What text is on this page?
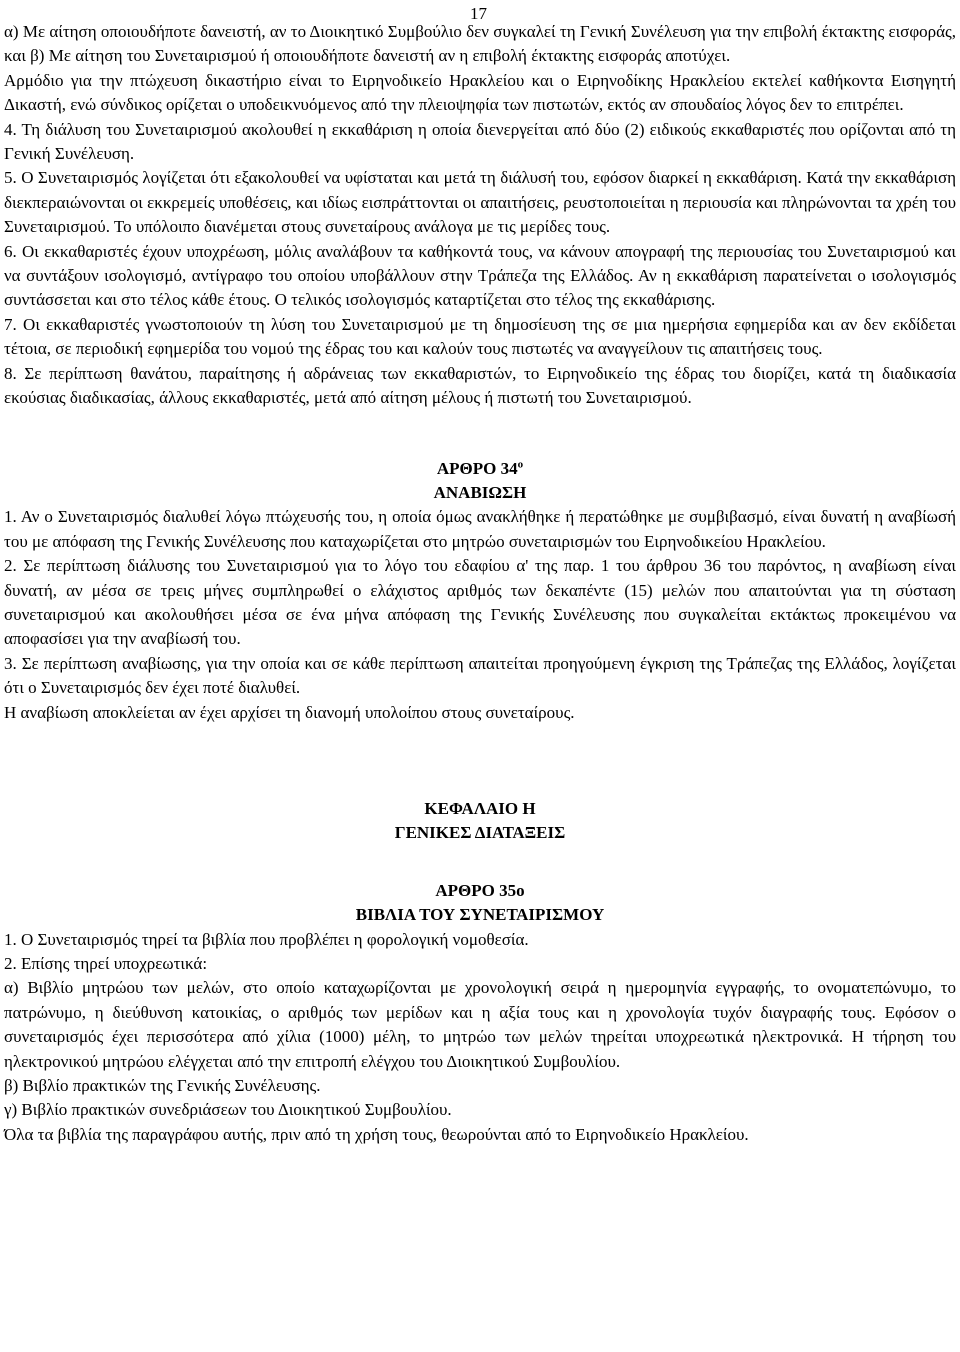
17

α) Με αίτηση οποιουδήποτε δανειστή, αν το Διοικητικό Συμβούλιο δεν συγκαλεί τη Γενική Συνέλευση για την επιβολή έκτακτης εισφοράς, και β) Με αίτηση του Συνεταιρισμού ή οποιουδήποτε δανειστή αν η επιβολή έκτακτης εισφοράς αποτύχει.

Αρμόδιο για την πτώχευση δικαστήριο είναι το Ειρηνοδικείο Ηρακλείου και ο Ειρηνοδίκης Ηρακλείου εκτελεί καθήκοντα Εισηγητή Δικαστή, ενώ σύνδικος ορίζεται ο υποδεικνυόμενος από την πλειοψηφία των πιστωτών, εκτός αν σπουδαίος λόγος δεν το επιτρέπει.

4. Τη διάλυση του Συνεταιρισμού ακολουθεί η εκκαθάριση η οποία διενεργείται από δύο (2) ειδικούς εκκαθαριστές που ορίζονται από τη Γενική Συνέλευση.

5. Ο Συνεταιρισμός λογίζεται ότι εξακολουθεί να υφίσταται και μετά τη διάλυσή του, εφόσον διαρκεί η εκκαθάριση. Κατά την εκκαθάριση διεκπεραιώνονται οι εκκρεμείς υποθέσεις, και ιδίως εισπράττονται οι απαιτήσεις, ρευστοποιείται η περιουσία και πληρώνονται τα χρέη του Συνεταιρισμού. Το υπόλοιπο διανέμεται στους συνεταίρους ανάλογα με τις μερίδες τους.

6. Οι εκκαθαριστές έχουν υποχρέωση, μόλις αναλάβουν τα καθήκοντά τους, να κάνουν απογραφή της περιουσίας του Συνεταιρισμού και να συντάξουν ισολογισμό, αντίγραφο του οποίου υποβάλλουν στην Τράπεζα της Ελλάδος. Αν η εκκαθάριση παρατείνεται ο ισολογισμός συντάσσεται και στο τέλος κάθε έτους. Ο τελικός ισολογισμός καταρτίζεται στο τέλος της εκκαθάρισης.

7. Οι εκκαθαριστές γνωστοποιούν τη λύση του Συνεταιρισμού με τη δημοσίευση της σε μια ημερήσια εφημερίδα και αν δεν εκδίδεται τέτοια, σε περιοδική εφημερίδα του νομού της έδρας του και καλούν τους πιστωτές να αναγγείλουν τις απαιτήσεις τους.

8. Σε περίπτωση θανάτου, παραίτησης ή αδράνειας των εκκαθαριστών, το Ειρηνοδικείο της έδρας του διορίζει, κατά τη διαδικασία εκούσιας διαδικασίας, άλλους εκκαθαριστές, μετά από αίτηση μέλους ή πιστωτή του Συνεταιρισμού.

ΑΡΘΡΟ $34^o$
ΑΝΑΒΙΩΣΗ

1. Αν ο Συνεταιρισμός διαλυθεί λόγω πτώχευσής του, η οποία όμως ανακλήθηκε ή περατώθηκε με συμβιβασμό, είναι δυνατή η αναβίωσή του με απόφαση της Γενικής Συνέλευσης που καταχωρίζεται στο μητρώο συνεταιρισμών του Ειρηνοδικείου Ηρακλείου.

2. Σε περίπτωση διάλυσης του Συνεταιρισμού για το λόγο του εδαφίου α' της παρ. 1 του άρθρου 36 του παρόντος, η αναβίωση είναι δυνατή, αν μέσα σε τρεις μήνες συμπληρωθεί ο ελάχιστος αριθμός των δεκαπέντε (15) μελών που απαιτούνται για τη σύσταση συνεταιρισμού και ακολουθήσει μέσα σε ένα μήνα απόφαση της Γενικής Συνέλευσης που συγκαλείται εκτάκτως προκειμένου να αποφασίσει για την αναβίωσή του.

3. Σε περίπτωση αναβίωσης, για την οποία και σε κάθε περίπτωση απαιτείται προηγούμενη έγκριση της Τράπεζας της Ελλάδος, λογίζεται ότι ο Συνεταιρισμός δεν έχει ποτέ διαλυθεί.

Η αναβίωση αποκλείεται αν έχει αρχίσει τη διανομή υπολοίπου στους συνεταίρους.

ΚΕΦΑΛΑΙΟ Η
ΓΕΝΙΚΕΣ ΔΙΑΤΑΞΕΙΣ
ΑΡΘΡΟ 35ο
ΒΙΒΛΙΑ ΤΟΥ ΣΥΝΕΤΑΙΡΙΣΜΟΥ

1. Ο Συνεταιρισμός τηρεί τα βιβλία που προβλέπει η φορολογική νομοθεσία.

2. Επίσης τηρεί υποχρεωτικά:

α) Βιβλίο μητρώου των μελών, στο οποίο καταχωρίζονται με χρονολογική σειρά η ημερομηνία εγγραφής, το ονοματεπώνυμο, το πατρώνυμο, η διεύθυνση κατοικίας, ο αριθμός των μερίδων και η αξία τους και η χρονολογία τυχόν διαγραφής τους. Εφόσον ο συνεταιρισμός έχει περισσότερα από χίλια (1000) μέλη, το μητρώο των μελών τηρείται υποχρεωτικά ηλεκτρονικά. Η τήρηση του ηλεκτρονικού μητρώου ελέγχεται από την επιτροπή ελέγχου του Διοικητικού Συμβουλίου.

β) Βιβλίο πρακτικών της Γενικής Συνέλευσης.

γ) Βιβλίο πρακτικών συνεδριάσεων του Διοικητικού Συμβουλίου.

Όλα τα βιβλία της παραγράφου αυτής, πριν από τη χρήση τους, θεωρούνται από το Ειρηνοδικείο Ηρακλείου.
